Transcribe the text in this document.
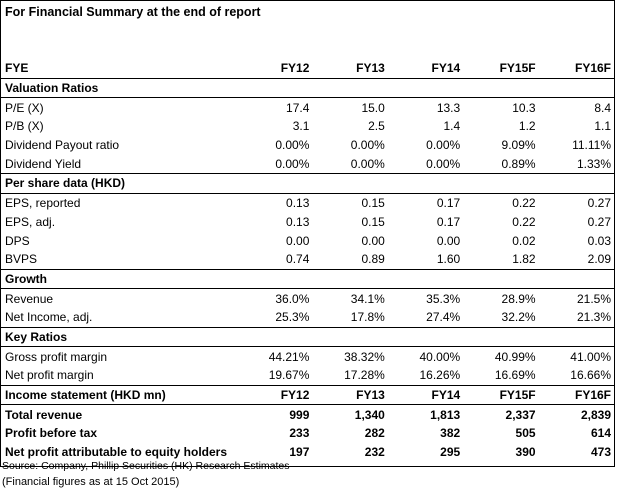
For Financial Summary at the end of report
FYE	FY12	FY13	FY14	FY15F	FY16F
Valuation Ratios					
P/E (X)	17.4	15.0	13.3	10.3	8.4
P/B (X)	3.1	2.5	1.4	1.2	1.1
Dividend Payout ratio	0.00%	0.00%	0.00%	9.09%	11.11%
Dividend Yield	0.00%	0.00%	0.00%	0.89%	1.33%
Per share data (HKD)					
EPS, reported	0.13	0.15	0.17	0.22	0.27
EPS, adj.	0.13	0.15	0.17	0.22	0.27
DPS	0.00	0.00	0.00	0.02	0.03
BVPS	0.74	0.89	1.60	1.82	2.09
Growth					
Revenue	36.0%	34.1%	35.3%	28.9%	21.5%
Net Income, adj.	25.3%	17.8%	27.4%	32.2%	21.3%
Key Ratios					
Gross profit margin	44.21%	38.32%	40.00%	40.99%	41.00%
Net profit margin	19.67%	17.28%	16.26%	16.69%	16.66%
Income statement (HKD mn)	FY12	FY13	FY14	FY15F	FY16F
Total revenue	999	1,340	1,813	2,337	2,839
Profit before tax	233	282	382	505	614
Net profit attributable to equity holders	197	232	295	390	473
Source: Company, Phillip Securities (HK) Research Estimates
(Financial figures as at 15 Oct 2015)
